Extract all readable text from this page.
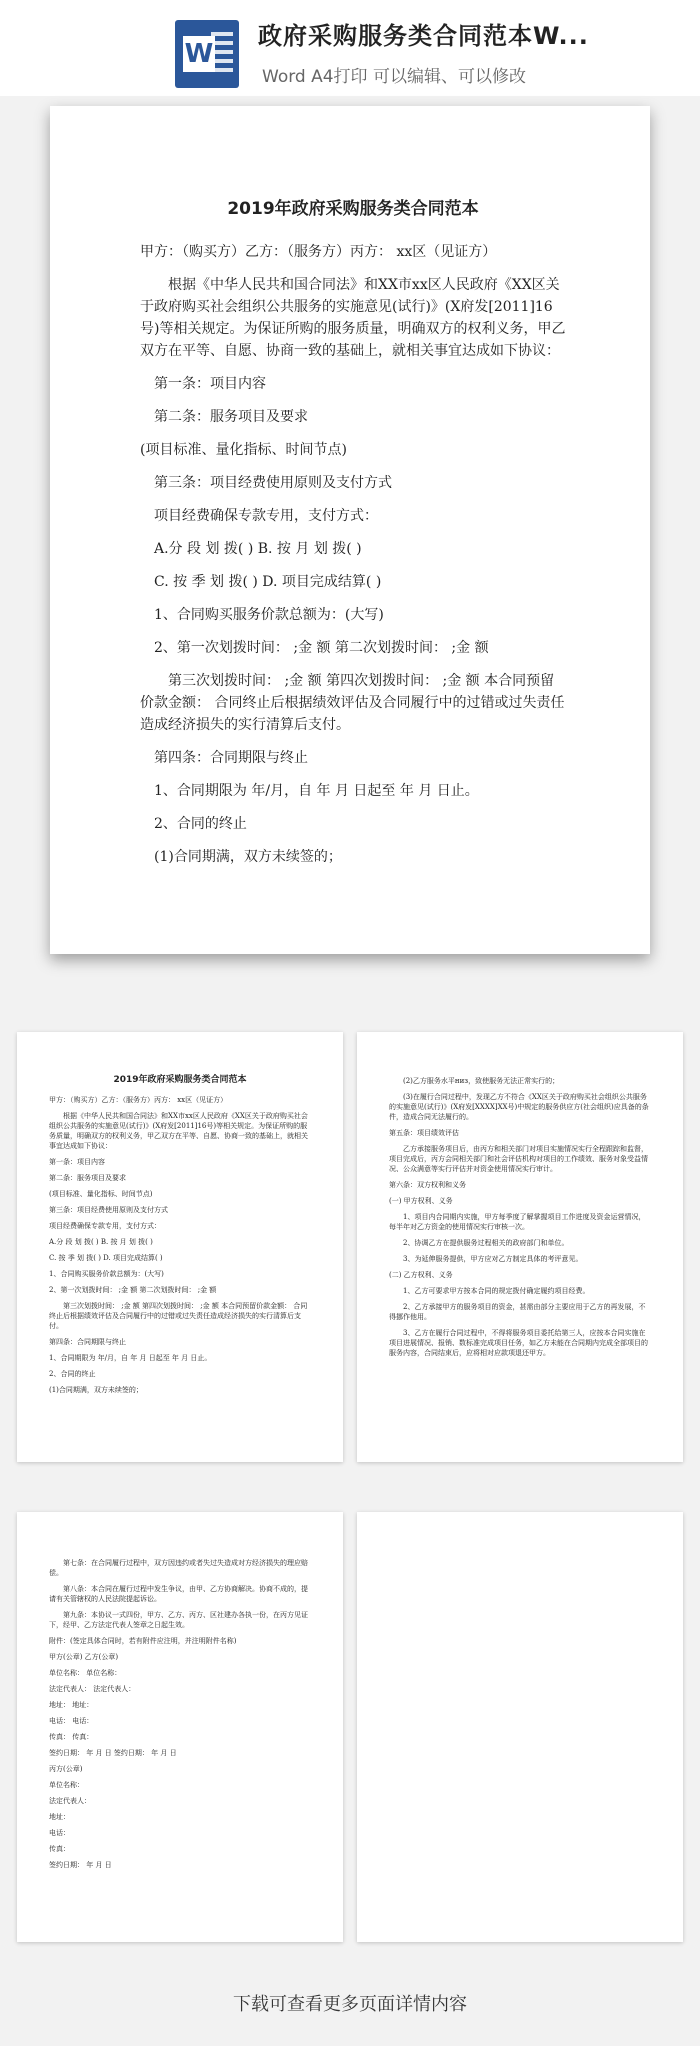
W
政府采购服务类合同范本W...
Word A4打印 可以编辑、可以修改
2019年政府采购服务类合同范本
甲方：（购买方）乙方：（服务方）丙方： xx区（见证方）
根据《中华人民共和国合同法》和XX市xx区人民政府《XX区关于政府购买社会组织公共服务的实施意见(试行)》(X府发[2011]16号)等相关规定。为保证所购的服务质量，明确双方的权利义务，甲乙双方在平等、自愿、协商一致的基础上，就相关事宜达成如下协议：
第一条：项目内容
第二条：服务项目及要求
(项目标准、量化指标、时间节点)
第三条：项目经费使用原则及支付方式
项目经费确保专款专用，支付方式：
A.分 段 划 拨( ) B. 按 月 划 拨( )
C. 按 季 划 拨( ) D. 项目完成结算( )
1、合同购买服务价款总额为：(大写)
2、第一次划拨时间： ;金 额 第二次划拨时间： ;金 额
第三次划拨时间： ;金 额 第四次划拨时间： ;金 额 本合同预留价款金额： 合同终止后根据绩效评估及合同履行中的过错或过失责任造成经济损失的实行清算后支付。
第四条：合同期限与终止
1、合同期限为 年/月，自 年 月 日起至 年 月 日止。
2、合同的终止
(1)合同期满，双方未续签的；
2019年政府采购服务类合同范本
甲方：（购买方）乙方：（服务方）丙方： xx区（见证方）
根据《中华人民共和国合同法》和XX市xx区人民政府《XX区关于政府购买社会组织公共服务的实施意见(试行)》(X府发[2011]16号)等相关规定。为保证所购的服务质量，明确双方的权利义务，甲乙双方在平等、自愿、协商一致的基础上，就相关事宜达成如下协议：
第一条：项目内容
第二条：服务项目及要求
(项目标准、量化指标、时间节点)
第三条：项目经费使用原则及支付方式
项目经费确保专款专用，支付方式：
A.分 段 划 拨( ) B. 按 月 划 拨( )
C. 按 季 划 拨( ) D. 项目完成结算( )
1、合同购买服务价款总额为：(大写)
2、第一次划拨时间： ;金 额 第二次划拨时间： ;金 额
第三次划拨时间： ;金 额 第四次划拨时间： ;金 额 本合同预留价款金额： 合同终止后根据绩效评估及合同履行中的过错或过失责任造成经济损失的实行清算后支付。
第四条：合同期限与终止
1、合同期限为 年/月，自 年 月 日起至 年 月 日止。
2、合同的终止
(1)合同期满，双方未续签的；
(2)乙方服务水平низ，致使服务无法正常实行的；
(3)在履行合同过程中，发现乙方不符合《XX区关于政府购买社会组织公共服务的实施意见(试行)》(X府发[XXXX]XX号)中规定的服务供应方(社会组织)应具备的条件，造成合同无法履行的。
第五条：项目绩效评估
乙方承接服务项目后，由丙方和相关部门对项目实施情况实行全程跟踪和监督，项目完成后，丙方会同相关部门和社会评估机构对项目的工作绩效、服务对象受益情况、公众满意等实行评估并对资金使用情况实行审计。
第六条：双方权利和义务
(一) 甲方权利、义务
1、项目内合同期内实施，甲方每季度了解掌握项目工作进度及资金运营情况，每半年对乙方资金的使用情况实行审核一次。
2、协调乙方在提供服务过程相关的政府部门和单位。
3、为延伸服务提供，甲方应对乙方制定具体的考评意见。
(二) 乙方权利、义务
1、乙方可要求甲方按本合同的规定拨付确定履约项目经费。
2、乙方承接甲方的服务项目的资金，甚需由部分主要应用于乙方的再发展，不得挪作他用。
3、乙方在履行合同过程中，不得将服务项目委托给第三人，应按本合同实施在项目进展情况、报销、数标准完成项目任务，如乙方未能在合同期内完成全部项目的服务内容，合同结束后，应将相对应款项退还甲方。
第七条：在合同履行过程中，双方因违约或者失过失造成对方经济损失的理应赔偿。
第八条：本合同在履行过程中发生争议，由甲、乙方协商解决。协商不成的，提请有关管辖权的人民法院提起诉讼。
第九条：本协议一式四份，甲方、乙方、丙方、区社建办各执一份，在丙方见证下，经甲、乙方法定代表人签章之日起生效。
附件：(签定具体合同时，若有附件应注明，并注明附件名称)
甲方(公章) 乙方(公章)
单位名称： 单位名称：
法定代表人： 法定代表人：
地址： 地址：
电话： 电话：
传真： 传真：
签约日期： 年 月 日 签约日期： 年 月 日
丙方(公章)
单位名称：
法定代表人：
地址：
电话：
传真：
签约日期： 年 月 日
下载可查看更多页面详情内容
